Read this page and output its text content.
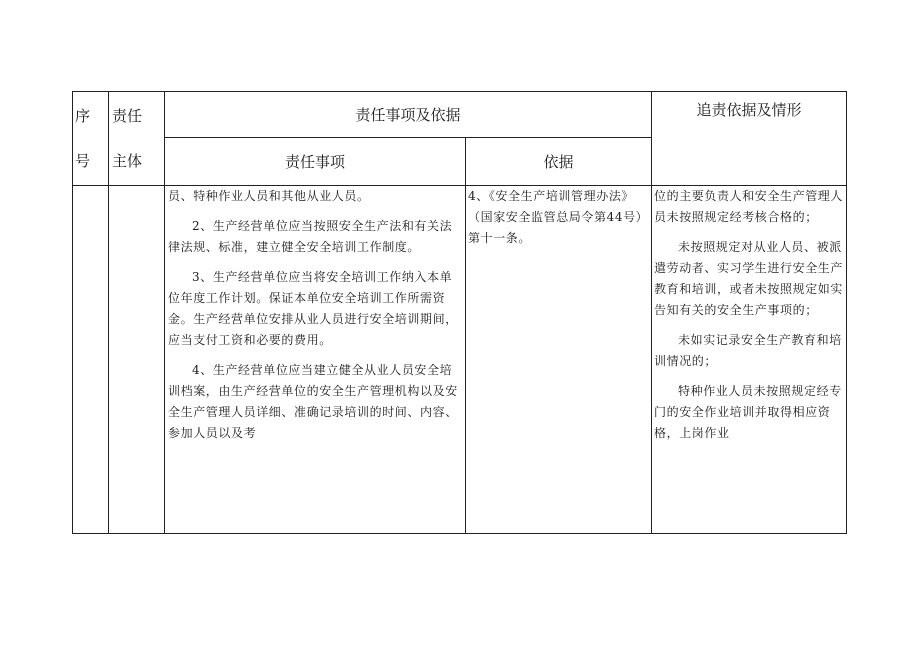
序
号
责任
主体
责任事项及依据
责任事项	依据
追责依据及情形

员、特种作业人员和其他从业人员。

2、生产经营单位应当按照安全生产法和有关法律法规、标准，建立健全安全培训工作制度。

3、生产经营单位应当将安全培训工作纳入本单位年度工作计划。保证本单位安全培训工作所需资金。生产经营单位安排从业人员进行安全培训期间，应当支付工资和必要的费用。

4、生产经营单位应当建立健全从业人员安全培训档案，由生产经营单位的安全生产管理机构以及安全生产管理人员详细、准确记录培训的时间、内容、参加人员以及考

4、《安全生产培训管理办法》（国家安全监管总局令第44号）第十一条。

位的主要负责人和安全生产管理人员未按照规定经考核合格的；

未按照规定对从业人员、被派遣劳动者、实习学生进行安全生产教育和培训，或者未按照规定如实告知有关的安全生产事项的；

未如实记录安全生产教育和培训情况的；

特种作业人员未按照规定经专门的安全作业培训并取得相应资格，上岗作业
